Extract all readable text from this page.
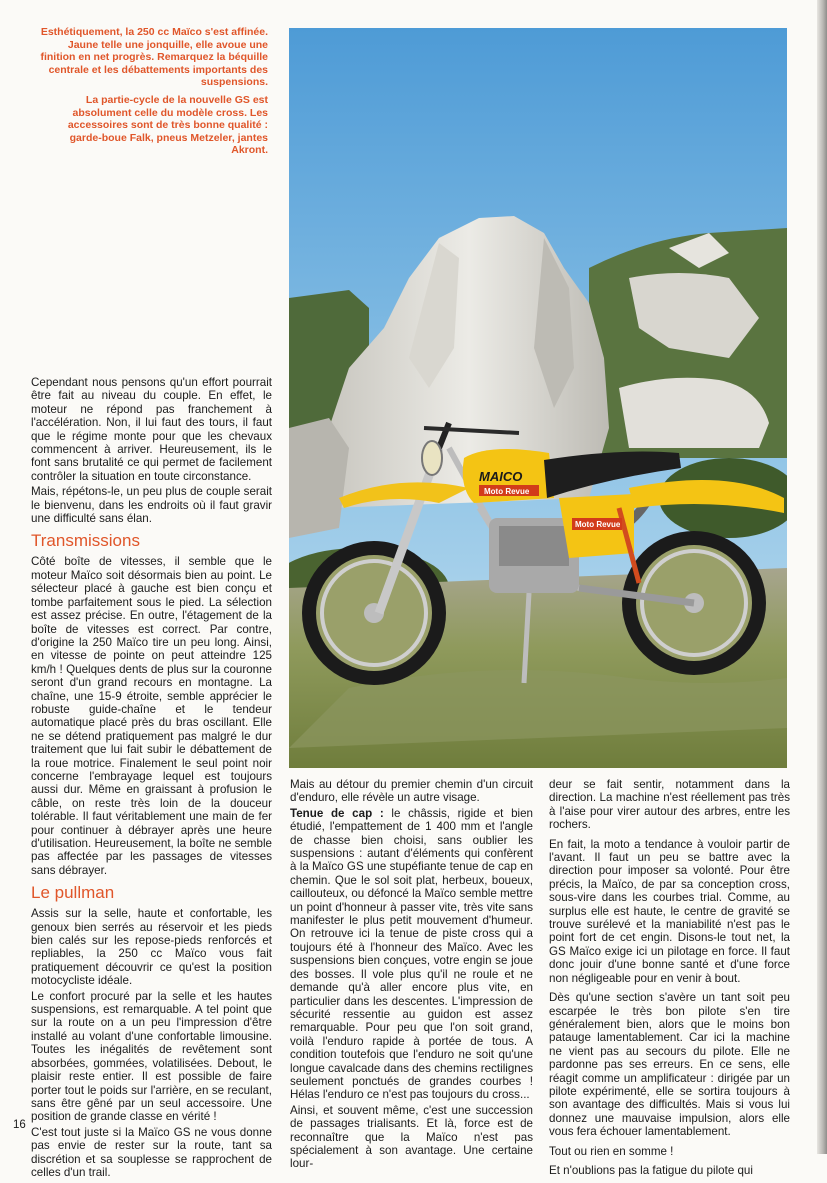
Esthétiquement, la 250 cc Maïco s'est affinée. Jaune telle une jonquille, elle avoue une finition en net progrès. Remarquez la béquille centrale et les débattements importants des suspensions.

La partie-cycle de la nouvelle GS est absolument celle du modèle cross. Les accessoires sont de très bonne qualité : garde-boue Falk, pneus Metzeler, jantes Akront.

MAICO
Moto Revue
Moto Revue

Cependant nous pensons qu'un effort pourrait être fait au niveau du couple. En effet, le moteur ne répond pas franchement à l'accélération. Non, il lui faut des tours, il faut que le régime monte pour que les chevaux commencent à arriver. Heureusement, ils le font sans brutalité ce qui permet de facilement contrôler la situation en toute circonstance.

Mais, répétons-le, un peu plus de couple serait le bienvenu, dans les endroits où il faut gravir une difficulté sans élan.

Transmissions

Côté boîte de vitesses, il semble que le moteur Maïco soit désormais bien au point. Le sélecteur placé à gauche est bien conçu et tombe parfaitement sous le pied. La sélection est assez précise. En outre, l'étagement de la boîte de vitesses est correct. Par contre, d'origine la 250 Maïco tire un peu long. Ainsi, en vitesse de pointe on peut atteindre 125 km/h ! Quelques dents de plus sur la couronne seront d'un grand recours en montagne. La chaîne, une 15-9 étroite, semble apprécier le robuste guide-chaîne et le tendeur automatique placé près du bras oscillant. Elle ne se détend pratiquement pas malgré le dur traitement que lui fait subir le débattement de la roue motrice. Finalement le seul point noir concerne l'embrayage lequel est toujours aussi dur. Même en graissant à profusion le câble, on reste très loin de la douceur tolérable. Il faut véritablement une main de fer pour continuer à débrayer après une heure d'utilisation. Heureusement, la boîte ne semble pas affectée par les passages de vitesses sans débrayer.

Le pullman

Assis sur la selle, haute et confortable, les genoux bien serrés au réservoir et les pieds bien calés sur les repose-pieds renforcés et repliables, la 250 cc Maïco vous fait pratiquement découvrir ce qu'est la position motocycliste idéale.

Le confort procuré par la selle et les hautes suspensions, est remarquable. A tel point que sur la route on a un peu l'impression d'être installé au volant d'une confortable limousine. Toutes les inégalités de revêtement sont absorbées, gommées, volatilisées. Debout, le plaisir reste entier. Il est possible de faire porter tout le poids sur l'arrière, en se reculant, sans être gêné par un seul accessoire. Une position de grande classe en vérité !

C'est tout juste si la Maïco GS ne vous donne pas envie de rester sur la route, tant sa discrétion et sa souplesse se rapprochent de celles d'un trail.

Mais au détour du premier chemin d'un circuit d'enduro, elle révèle un autre visage.

Tenue de cap : le châssis, rigide et bien étudié, l'empattement de 1 400 mm et l'angle de chasse bien choisi, sans oublier les suspensions : autant d'éléments qui confèrent à la Maïco GS une stupéfiante tenue de cap en chemin. Que le sol soit plat, herbeux, boueux, caillouteux, ou défoncé la Maïco semble mettre un point d'honneur à passer vite, très vite sans manifester le plus petit mouvement d'humeur. On retrouve ici la tenue de piste cross qui a toujours été à l'honneur des Maïco. Avec les suspensions bien conçues, votre engin se joue des bosses. Il vole plus qu'il ne roule et ne demande qu'à aller encore plus vite, en particulier dans les descentes. L'impression de sécurité ressentie au guidon est assez remarquable. Pour peu que l'on soit grand, voilà l'enduro rapide à portée de tous. A condition toutefois que l'enduro ne soit qu'une longue cavalcade dans des chemins rectilignes seulement ponctués de grandes courbes ! Hélas l'enduro ce n'est pas toujours du cross...

Ainsi, et souvent même, c'est une succession de passages trialisants. Et là, force est de reconnaître que la Maïco n'est pas spécialement à son avantage. Une certaine lour-

deur se fait sentir, notamment dans la direction. La machine n'est réellement pas très à l'aise pour virer autour des arbres, entre les rochers.

En fait, la moto a tendance à vouloir partir de l'avant. Il faut un peu se battre avec la direction pour imposer sa volonté. Pour être précis, la Maïco, de par sa conception cross, sous-vire dans les courbes trial. Comme, au surplus elle est haute, le centre de gravité se trouve surélevé et la maniabilité n'est pas le point fort de cet engin. Disons-le tout net, la GS Maïco exige ici un pilotage en force. Il faut donc jouir d'une bonne santé et d'une force non négligeable pour en venir à bout.

Dès qu'une section s'avère un tant soit peu escarpée le très bon pilote s'en tire généralement bien, alors que le moins bon patauge lamentablement. Car ici la machine ne vient pas au secours du pilote. Elle ne pardonne pas ses erreurs. En ce sens, elle réagit comme un amplificateur : dirigée par un pilote expérimenté, elle se sortira toujours à son avantage des difficultés. Mais si vous lui donnez une mauvaise impulsion, alors elle vous fera échouer lamentablement.

Tout ou rien en somme !

Et n'oublions pas la fatigue du pilote qui

16
